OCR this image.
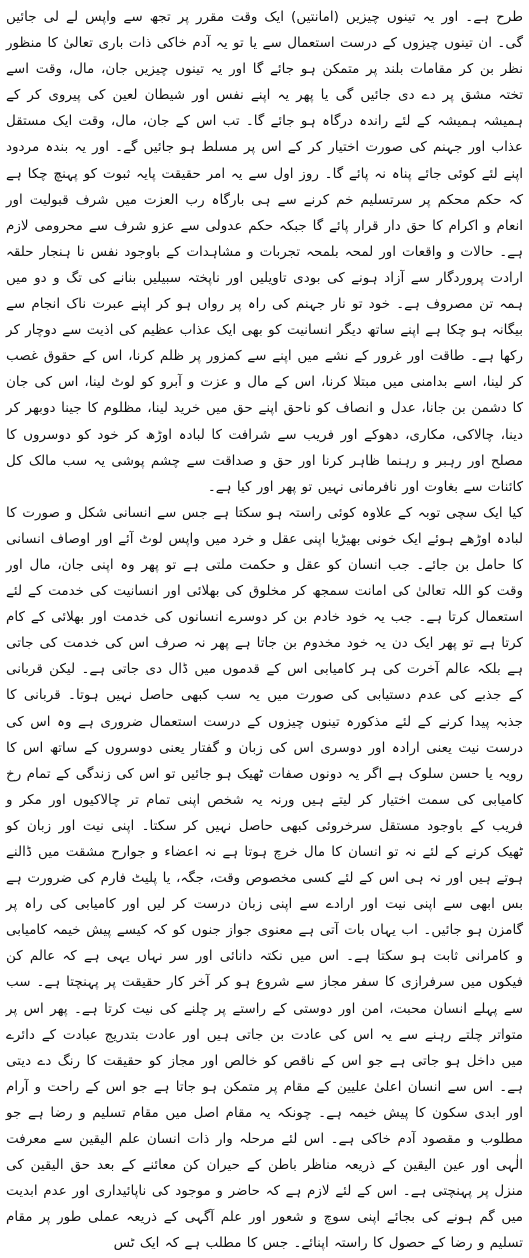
طرح ہے۔ اور یہ تینوں چیزیں (امانتیں) ایک وقت مقرر پر تجھ سے واپس لے لی جائیں گی۔ ان تینوں چیزوں کے درست استعمال سے یا تو یہ آدم خاکی ذات باری تعالیٰ کا منظور نظر بن کر مقامات بلند پر متمکن ہو جائے گا اور یہ تینوں چیزیں جان، مال، وقت اسے تختہ مشق پر دے دی جائیں گی یا پھر یہ اپنے نفس اور شیطان لعین کی پیروی کر کے ہمیشہ ہمیشہ کے لئے راندہ درگاہ ہو جائے گا۔ تب اس کے جان، مال، وقت ایک مستقل عذاب اور جہنم کی صورت اختیار کر کے اس پر مسلط ہو جائیں گے۔ اور یہ بندہ مردود اپنے لئے کوئی جائے پناہ نہ پائے گا۔ روز اول سے یہ امر حقیقت پایہ ثبوت کو پہنچ چکا ہے کہ حکم محکم پر سرتسلیم خم کرنے سے ہی بارگاہ رب العزت میں شرف قبولیت اور انعام و اکرام کا حق دار قرار پائے گا جبکہ حکم عدولی سے عزو شرف سے محرومی لازم ہے۔ حالات و واقعات اور لمحہ بلمحہ تجربات و مشاہدات کے باوجود نفس نا ہنجار حلقہ ارادت پروردگار سے آزاد ہونے کی بودی تاویلیں اور ناپختہ سبیلیں بنانے کی تگ و دو میں ہمہ تن مصروف ہے۔ خود تو نار جہنم کی راہ پر رواں ہو کر اپنے عبرت ناک انجام سے بیگانہ ہو چکا ہے اپنے ساتھ دیگر انسانیت کو بھی ایک عذاب عظیم کی اذیت سے دوچار کر رکھا ہے۔ طاقت اور غرور کے نشے میں اپنے سے کمزور پر ظلم کرنا، اس کے حقوق غصب کر لینا، اسے بدامنی میں مبتلا کرنا، اس کے مال و عزت و آبرو کو لوٹ لینا، اس کی جان کا دشمن بن جانا، عدل و انصاف کو ناحق اپنے حق میں خرید لینا، مظلوم کا جینا دوبھر کر دینا، چالاکی، مکاری، دھوکے اور فریب سے شرافت کا لبادہ اوڑھ کر خود کو دوسروں کا مصلح اور رہبر و رہنما ظاہر کرنا اور حق و صداقت سے چشم پوشی یہ سب مالک کل کائنات سے بغاوت اور نافرمانی نہیں تو پھر اور کیا ہے۔

کیا ایک سچی توبہ کے علاوہ کوئی راستہ ہو سکتا ہے جس سے انسانی شکل و صورت کا لبادہ اوڑھے ہوئے ایک خونی بھیڑیا اپنی عقل و خرد میں واپس لوٹ آئے اور اوصاف انسانی کا حامل بن جائے۔ جب انسان کو عقل و حکمت ملتی ہے تو پھر وہ اپنی جان، مال اور وقت کو اللہ تعالیٰ کی امانت سمجھ کر مخلوق کی بھلائی اور انسانیت کی خدمت کے لئے استعمال کرتا ہے۔ جب یہ خود خادم بن کر دوسرے انسانوں کی خدمت اور بھلائی کے کام کرتا ہے تو پھر ایک دن یہ خود مخدوم بن جاتا ہے پھر نہ صرف اس کی خدمت کی جاتی ہے بلکہ عالم آخرت کی ہر کامیابی اس کے قدموں میں ڈال دی جاتی ہے۔ لیکن قربانی کے جذبے کی عدم دستیابی کی صورت میں یہ سب کبھی حاصل نہیں ہوتا۔ قربانی کا جذبہ پیدا کرنے کے لئے مذکورہ تینوں چیزوں کے درست استعمال ضروری ہے وہ اس کی درست نیت یعنی ارادہ اور دوسری اس کی زبان و گفتار یعنی دوسروں کے ساتھ اس کا رویہ یا حسن سلوک ہے اگر یہ دونوں صفات ٹھیک ہو جائیں تو اس کی زندگی کے تمام رخ کامیابی کی سمت اختیار کر لیتے ہیں ورنہ یہ شخص اپنی تمام تر چالاکیوں اور مکر و فریب کے باوجود مستقل سرخروئی کبھی حاصل نہیں کر سکتا۔ اپنی نیت اور زبان کو ٹھیک کرنے کے لئے نہ تو انسان کا مال خرچ ہوتا ہے نہ اعضاء و جوارح مشقت میں ڈالنے ہوتے ہیں اور نہ ہی اس کے لئے کسی مخصوص وقت، جگہ، یا پلیٹ فارم کی ضرورت ہے بس ابھی سے اپنی نیت اور ارادے سے اپنی زبان درست کر لیں اور کامیابی کی راہ پر گامزن ہو جائیں۔ اب یہاں بات آتی ہے معنوی جواز جنوں کو کہ کیسے پیش خیمہ کامیابی و کامرانی ثابت ہو سکتا ہے۔ اس میں نکتہ دانائی اور سر نہاں یہی ہے کہ عالم کن فیکوں میں سرفرازی کا سفر مجاز سے شروع ہو کر آخر کار حقیقت پر پہنچتا ہے۔ سب سے پہلے انسان محبت، امن اور دوستی کے راستے پر چلنے کی نیت کرتا ہے۔ پھر اس پر متواتر چلتے رہنے سے یہ اس کی عادت بن جاتی ہیں اور عادت بتدریج عبادت کے دائرے میں داخل ہو جاتی ہے جو اس کے ناقص کو خالص اور مجاز کو حقیقت کا رنگ دے دیتی ہے۔ اس سے انسان اعلیٰ علیین کے مقام پر متمکن ہو جاتا ہے جو اس کے راحت و آرام اور ابدی سکون کا پیش خیمہ ہے۔ چونکہ یہ مقام اصل میں مقام تسلیم و رضا ہے جو مطلوب و مقصود آدم خاکی ہے۔ اس لئے مرحلہ وار ذات انسان علم الیقین سے معرفت الٰہی اور عین الیقین کے ذریعہ مناظر باطن کے حیران کن معائنے کے بعد حق الیقین کی منزل پر پہنچتی ہے۔ اس کے لئے لازم ہے کہ حاضر و موجود کی ناپائیداری اور عدم ابدیت میں گم ہونے کی بجائے اپنی سوچ و شعور اور علم آگہی کے ذریعہ عملی طور پر مقام تسلیم و رضا کے حصول کا راستہ اپنائے۔ جس کا مطلب ہے کہ ایک ٹس
